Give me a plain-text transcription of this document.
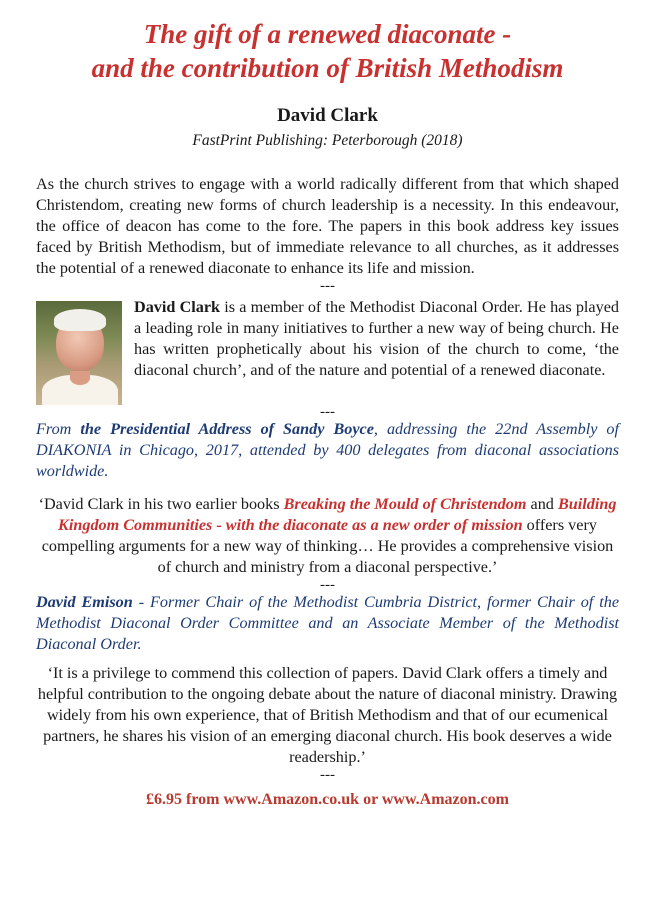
The gift of a renewed diaconate -
and the contribution of British Methodism

David Clark

FastPrint Publishing: Peterborough (2018)

As the church strives to engage with a world radically different from that which shaped Christendom, creating new forms of church leadership is a necessity. In this endeavour, the office of deacon has come to the fore. The papers in this book address key issues faced by British Methodism, but of immediate relevance to all churches, as it addresses the potential of a renewed diaconate to enhance its life and mission.

---

David Clark is a member of the Methodist Diaconal Order. He has played a leading role in many initiatives to further a new way of being church. He has written prophetically about his vision of the church to come, ‘the diaconal church’, and of the nature and potential of a renewed diaconate.

---

From the Presidential Address of Sandy Boyce, addressing the 22nd Assembly of DIAKONIA in Chicago, 2017, attended by 400 delegates from diaconal associations worldwide.

‘David Clark in his two earlier books Breaking the Mould of Christendom and Building Kingdom Communities - with the diaconate as a new order of mission offers very compelling arguments for a new way of thinking… He provides a comprehensive vision of church and ministry from a diaconal perspective.’

---

David Emison - Former Chair of the Methodist Cumbria District, former Chair of the Methodist Diaconal Order Committee and an Associate Member of the Methodist Diaconal Order.

‘It is a privilege to commend this collection of papers. David Clark offers a timely and helpful contribution to the ongoing debate about the nature of diaconal ministry. Drawing widely from his own experience, that of British Methodism and that of our ecumenical partners, he shares his vision of an emerging diaconal church. His book deserves a wide readership.’

---

£6.95 from www.Amazon.co.uk or www.Amazon.com
